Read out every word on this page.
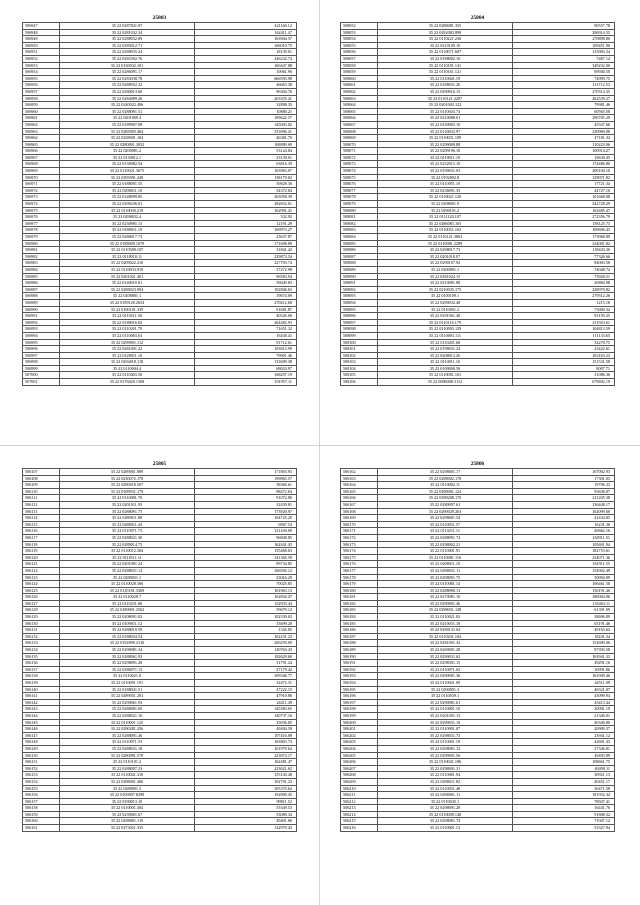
25803
506947	35 22 0287841.97	421160.12
506948	35 22 0281032.34	162411.47
506949	35 22 0288032.89	163904.57
506950	35 22 0285012.71	166010.75
506951	35 22 0288035.24	18139.01
506952	35 22 0283392.76	246232.74
506953	35 22 0130032.101	160447.88
506954	35 22 0286091.17	10061.96
506955	35 22 0283038.78	666593.98
506956	35 22 0288952.22	46663.38
506957	35 22 0280013.60	96304.76
506958	35 22 0284089.26	263335.41
506959	35 22 0240022.496	32898.35
506960	35 22 0288091.51	10880.21
506961	35 22 0201009.2	109622.57
506962	35 22 0189907.08	145003.02
506963	35 22 0285003.484	333996.41
506964	35 22 0238001.104	46381.70
506965	35 22 0280091.3052	168889.69
506966	35 22 0200081.2	53124.84
506967	35 22 0139012.1	23139.01
506968	35 22 0130082.54	63816.39
506969	35 22 0110021.3675	163963.07
506970	35 22 0295091.249	138179.02
506971	35 22 0188091.55	39828.36
506972	35 22 0298011.10	34372.84
506973	35 22 0148099.85	363958.39
506974	35 22 0290236.01	282832.61
506975	35 22 0110030.219	162991.41
506976	35 22 0298032.4	332.92
506977	35 22 0230981.13	12191.29
506978	35 22 0188011.19	169973.27
506979	35 22 0288017.73	23637.87
506980	35 22 0188009.1079	171698.89
506981	35 22 0110389.107	31841.42
506982	35 22 0118010.11	229873.54
506983	35 22 0209622.210	227703.74
506984	35 22 0110033.919	37272.98
506985	35 22 0201021.401	96583.94
506986	35 22 0140010.81	56049.83
506987	35 22 0288023.094	102846.63
506988	35 22 0208801.1	19674.09
506989	35 22 0189120.2654	270412.68
506990	35 22 0190101.339	91681.87
506991	35 22 0110211.50	40526.06
506992	35 22 0188016.82	264482.93
506993	35 22 0110201.79	71651.32
506994	35 22 0110083.63	16438.41
506995	35 22 0299091.112	91712.61
506996	35 22 0281091.22	103813.99
506997	35 22 0128011.10	79901.46
506998	35 22 0294018.118	133699.38
506999	35 22 0110004.4	68633.97
507000	35 22 0110403.58	168297.19
507001	35 22 0176029.1308	101957.11
25804
508052	35 22 0288081.355	90557.78
508053	35 22 0292083.898	296914.55
508054	35 22 0110221.230	270898.80
508055	35 22 0210100.10	109451.90
508056	35 22 0110071.687	133903.34
508057	35 22 0188002.10	7467.14
508058	35 22 0110181.141	349232.06
508059	35 22 0110161.121	69940.50
508060	35 22 0110041.19	74999.75
508061	35 22 0188031.26	113712.53
508062	35 22 0290016.15	270314.35
508063	35 22 0110121.2207	262539.27
508064	35 22 0201003.122	79981.46
508065	35 22 0110043.74	60565.58
508066	35 22 0210088.01	290705.29
508067	35 22 0230003.10	45547.66
508068	35 22 0120032.97	230969.08
508069	35 22 0110031.109	47181.34
508070	35 22 0299009.88	110223.96
508071	35 22 0209196.10	100914.27
508072	35 22 0110011.19	19639.45
508073	35 22 0232015.10	174486.80
508074	35 22 0190031.03	200104.10
508075	35 22 0192092.8	129071.82
508076	35 22 0110051.10	17721.34
508077	35 22 0236091.35	44727.10
508078	35 22 0110021.120	101668.08
508079	35 22 0298001.9	342728.29
508080	35 22 0290101.2	162485.47
508081	35 22 0111120.107	272356.79
508082	35 22 0286083.165	158125.73
508083	35 22 0110051.163	109696.43
508084	35 22 0110121.3863	173968.89
508085	35 22 0110081.2289	234001.82
508086	35 22 0298017.73	118443.36
508087	35 22 0201018.07	77326.66
508088	35 22 0290107.92	84003.58
508089	35 22 0200091.1	74048.74
508090	35 22 0281024.15	73928.51
508091	35 22 0210081.88	20884.98
508092	35 22 0210035.175	228970.82
508093	35 22 0100109.1	279512.26
508094	35 22 0290032.48	1215.18
508095	35 22 0110091.2	73000.34
508096	35 22 0291061.40	93159.25
508097	35 22 0110116.179	211923.61
508098	35 22 0210093.129	104813.59
508099	35 22 0110003.111	111133.65
508100	35 22 0110201.68	34270.75
508101	35 22 0198031.24	23422.61
508102	35 22 0208013.26	163163.23
508103	35 22 0110011.10	151531.58
508104	35 22 0109000.56	8007.71
508105	35 22 0110081.161	31086.36
508106	35 22 0086008.3112	679692.19
25805
506107	35 22 0289001.889	171803.93
506108	35 22 0230072.178	199865.57
506109	35 22 0290018.507	38360.61
506110	35 22 0109031.179	98472.84
506111	35 22 0110081.70	91072.80
506112	35 22 0201011.93	32439.81
506113	35 22 0288091.75	173920.97
506114	35 22 0289011.88	164725.29
506115	35 22 0288011.43	6967.54
506116	35 22 0110071.73	121430.69
506117	35 22 0288021.30	96848.85
506118	35 22 0289014.75	162441.43
506119	35 22 0110012.304	155468.63
506120	35 22 0110111.11	141365.59
506121	35 22 0201081.24	99734.85
506122	35 22 0288031.12	166592.12
506123	35 22 0288031.1	23016.29
506124	35 22 0110028.306	70025.85
506125	35 22 0110181.3369	161963.13
506126	35 22 0110028.7	162834.47
506127	35 22 0110231.68	152933.44
506128	35 22 0180001.2562	59679.12
506129	35 22 0208091.02	102339.02
506130	35 22 0109011.12	33699.20
506131	35 22 0288019.59	1345.05
506132	35 22 0188034.54	162231.23
506133	35 22 0192099.2316	200259.09
506134	35 22 0290081.34	120763.43
506135	35 22 0288061.92	182629.60
506136	35 22 0298091.28	31791.24
506137	35 22 0286071.15	27179.42
506138	35 22 0110021.0	109346.77
506139	35 22 0110091.191	32472.31
506140	35 22 0188041.51	47222.15
506141	35 22 0289051.203	47910.86
506142	35 22 0290061.93	24411.49
506143	35 22 0288081.69	145383.65
506144	35 22 0288021.16	140737.16
506145	35 22 0110001.125	25036.85
506146	35 22 0290281.256	49494.39
506147	35 22 0288091.46	107416.08
506148	35 22 0110071.53	163803.74
506149	35 22 0288031.18	101979.62
506150	35 22 0290091.578	223874.17
506151	35 22 0110101.2	162481.47
506152	35 22 0288007.23	223621.62
506153	35 22 0110041.310	155140.48
506154	35 22 0298001.406	102791.23
506155	35 22 0288001.3	105370.62
506156	35 22 0109007.8299	192890.45
506157	35 22 0290013.10	99811.52
506158	35 22 0110001.304	55349.53
506159	35 22 0239001.67	33080.34
506160	35 22 0288081.119	49401.86
506161	35 22 0273021.335	122970.43
25806
506162	35 22 0298001.17	167002.93
506163	35 22 0298002.178	17301.03
506164	35 22 0110002.11	19796.33
506165	35 22 0290001.124	93636.07
506166	35 22 0298208.170	211205.38
506167	35 22 0280097.61	136448.17
506168	35 22 0290029.263	162099.60
506169	35 22 0298081.54	41434.85
506170	35 22 0110031.57	16231.36
506171	35 22 0110211.11	40662.16
506172	35 22 0288091.74	162911.51
506173	35 22 0298002.21	105691.94
506174	35 22 0110001.91	182753.61
506175	35 22 0110081.116	234071.36
506176	35 22 0208011.10	161911.55
506177	35 22 0298031.11	154902.49
506178	35 22 0298091.75	30094.09
506179	35 22 0110081.14	106461.50
506180	35 22 0288090.13	156191.46
506181	35 22 0270081.10	180004.96
506182	35 22 0290091.46	133463.11
506183	35 22 0298031.148	61391.09
506184	35 22 0110021.02	38696.89
506185	35 22 0210031.18	63191.46
506186	35 22 0290131.04	49163.64
506187	35 22 0110201.104	18241.34
506188	35 22 0281091.34	152690.06
506189	35 22 0269001.28	97393.58
506190	35 22 0290031.62	163941.33
506191	35 22 0298301.15	49291.16
506192	35 22 0110071.02	10991.86
506193	35 22 0290081.36	161949.46
506194	35 22 0110041.09	44511.09
506195	35 22 0290091.3	46321.07
506196	35 22 0110039.1	45099.94
506197	35 22 0290081.61	43413.44
506198	35 22 0110001.10	20091.19
506199	35 22 0201001.13	21346.01
506200	35 22 0290031.10	40346.80
506201	35 22 0110091.07	20909.37
506202	35 22 0298031.73	23941.12
506203	35 22 0110001.18	42601.43
506204	35 22 0298081.12	27346.81
506205	35 22 0299001.56	49493.89
506206	35 22 0110041.186	108661.75
506207	35 22 0298001.31	40490.11
506208	35 22 0110081.94	30921.13
506209	35 22 0298011.82	40451.17
506210	35 22 0110031.48	30471.58
506211	35 22 0298001.11	181932.34
506212	35 22 0110045.1	78947.41
506213	35 22 0298091.28	16441.76
506214	35 22 0110008.140	91608.32
506215	35 22 0298081.74	71047.12
506216	35 22 0110001.13	53327.94
